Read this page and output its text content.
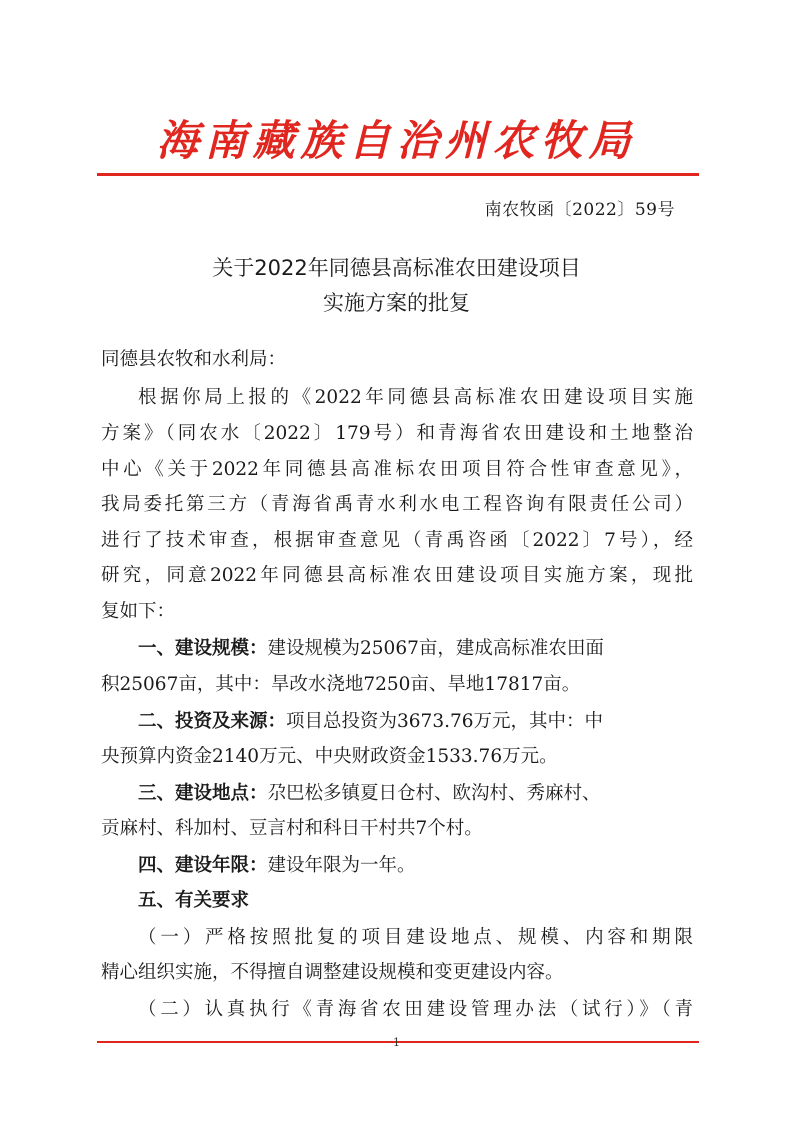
海南藏族自治州农牧局
南农牧函〔2022〕59号
关于2022年同德县高标准农田建设项目
实施方案的批复
同德县农牧和水利局：
根据你局上报的《2022年同德县高标准农田建设项目实施
方案》（同农水〔2022〕179号）和青海省农田建设和土地整治
中心《关于2022年同德县高准标农田项目符合性审查意见》，
我局委托第三方（青海省禹青水利水电工程咨询有限责任公司）
进行了技术审查，根据审查意见（青禹咨函〔2022〕7号），经
研究，同意2022年同德县高标准农田建设项目实施方案，现批
复如下：
一、建设规模：建设规模为25067亩，建成高标准农田面
积25067亩，其中：旱改水浇地7250亩、旱地17817亩。
二、投资及来源：项目总投资为3673.76万元，其中：中
央预算内资金2140万元、中央财政资金1533.76万元。
三、建设地点：尕巴松多镇夏日仓村、欧沟村、秀麻村、
贡麻村、科加村、豆言村和科日干村共7个村。
四、建设年限：建设年限为一年。
五、有关要求
（一）严格按照批复的项目建设地点、规模、内容和期限
精心组织实施，不得擅自调整建设规模和变更建设内容。
（二）认真执行《青海省农田建设管理办法（试行）》（青
1
